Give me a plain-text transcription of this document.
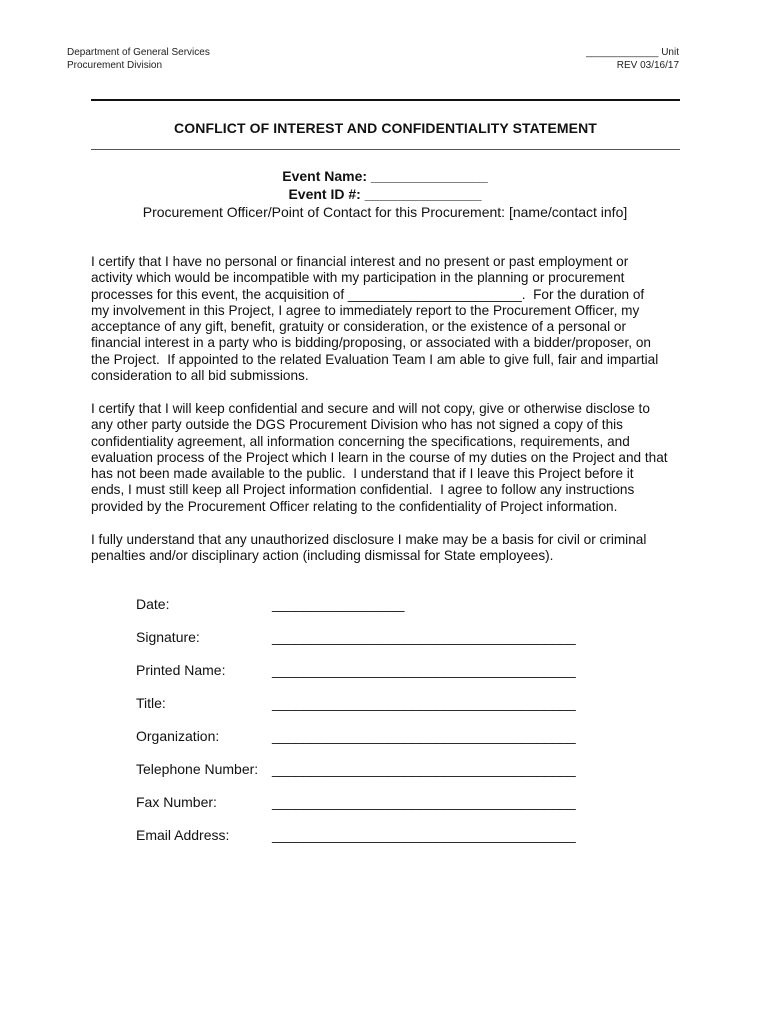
Department of General Services
Procurement Division
_____________ Unit
REV 03/16/17
CONFLICT OF INTEREST AND CONFIDENTIALITY STATEMENT
Event Name: _______________
Event ID #: _______________
Procurement Officer/Point of Contact for this Procurement: [name/contact info]

I certify that I have no personal or financial interest and no present or past employment or

activity which would be incompatible with my participation in the planning or procurement

processes for this event, the acquisition of _______________________.  For the duration of

my involvement in this Project, I agree to immediately report to the Procurement Officer, my

acceptance of any gift, benefit, gratuity or consideration, or the existence of a personal or

financial interest in a party who is bidding/proposing, or associated with a bidder/proposer, on

the Project.  If appointed to the related Evaluation Team I am able to give full, fair and impartial

consideration to all bid submissions.

I certify that I will keep confidential and secure and will not copy, give or otherwise disclose to

any other party outside the DGS Procurement Division who has not signed a copy of this

confidentiality agreement, all information concerning the specifications, requirements, and

evaluation process of the Project which I learn in the course of my duties on the Project and that

has not been made available to the public.  I understand that if I leave this Project before it

ends, I must still keep all Project information confidential.  I agree to follow any instructions

provided by the Procurement Officer relating to the confidentiality of Project information.

I fully understand that any unauthorized disclosure I make may be a basis for civil or criminal

penalties and/or disciplinary action (including dismissal for State employees).

Date:	_________________
Signature:	_______________________________________
Printed Name:	_______________________________________
Title:	_______________________________________
Organization:	_______________________________________
Telephone Number: _______________________________________
Fax Number:	_______________________________________
Email Address:	_______________________________________
